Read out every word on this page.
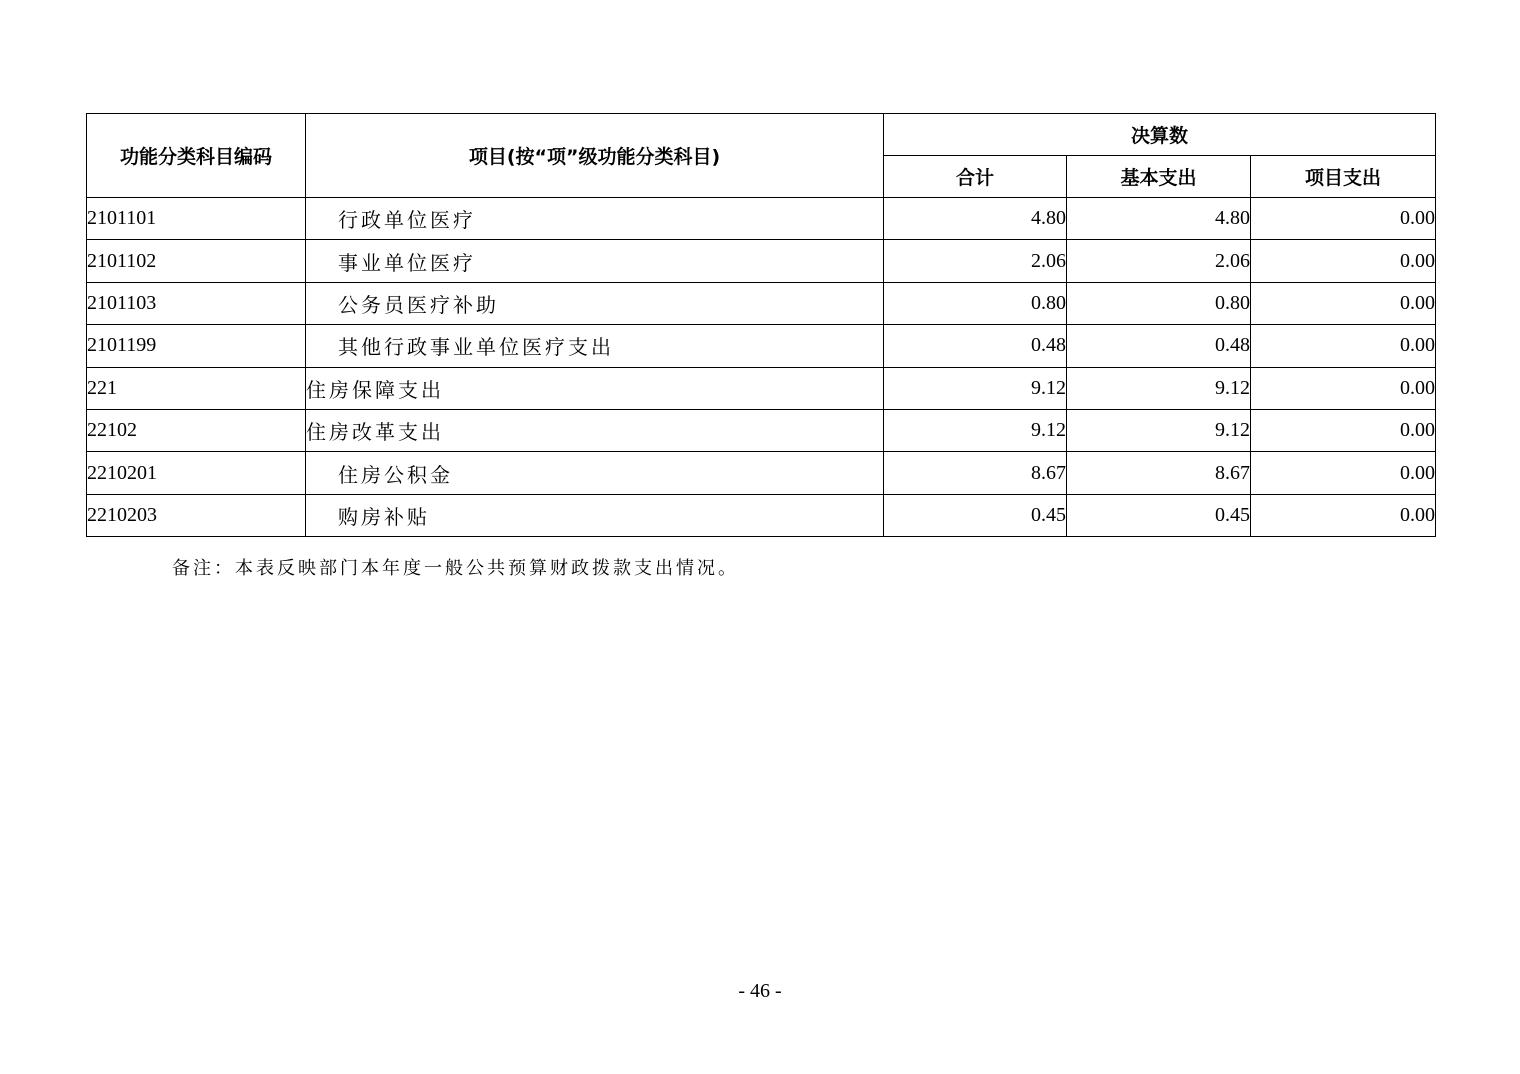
功能分类科目编码	项目(按“项”级功能分类科目)	决算数		
		合计	基本支出	项目支出
2101101	行政单位医疗	4.80	4.80	0.00
2101102	事业单位医疗	2.06	2.06	0.00
2101103	公务员医疗补助	0.80	0.80	0.00
2101199	其他行政事业单位医疗支出	0.48	0.48	0.00
221	住房保障支出	9.12	9.12	0.00
22102	住房改革支出	9.12	9.12	0.00
2210201	住房公积金	8.67	8.67	0.00
2210203	购房补贴	0.45	0.45	0.00
备注：本表反映部门本年度一般公共预算财政拨款支出情况。
- 46 -
